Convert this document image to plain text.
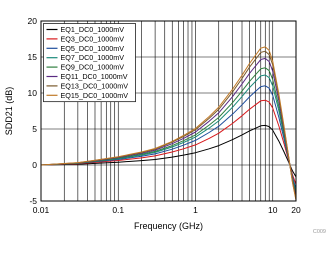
0.01	0.1	1	10 20
-5
0
5
10
15
20
Frequency (GHz)
SDD21 (dB)
EQ1_DC0_1000mV
EQ3_DC0_1000mV
EQ5_DC0_1000mV
EQ7_DC0_1000mV
EQ9_DC0_1000mV
EQ11_DC0_1000mV
EQ13_DC0_1000mV
EQ15_DC0_1000mV
C009
